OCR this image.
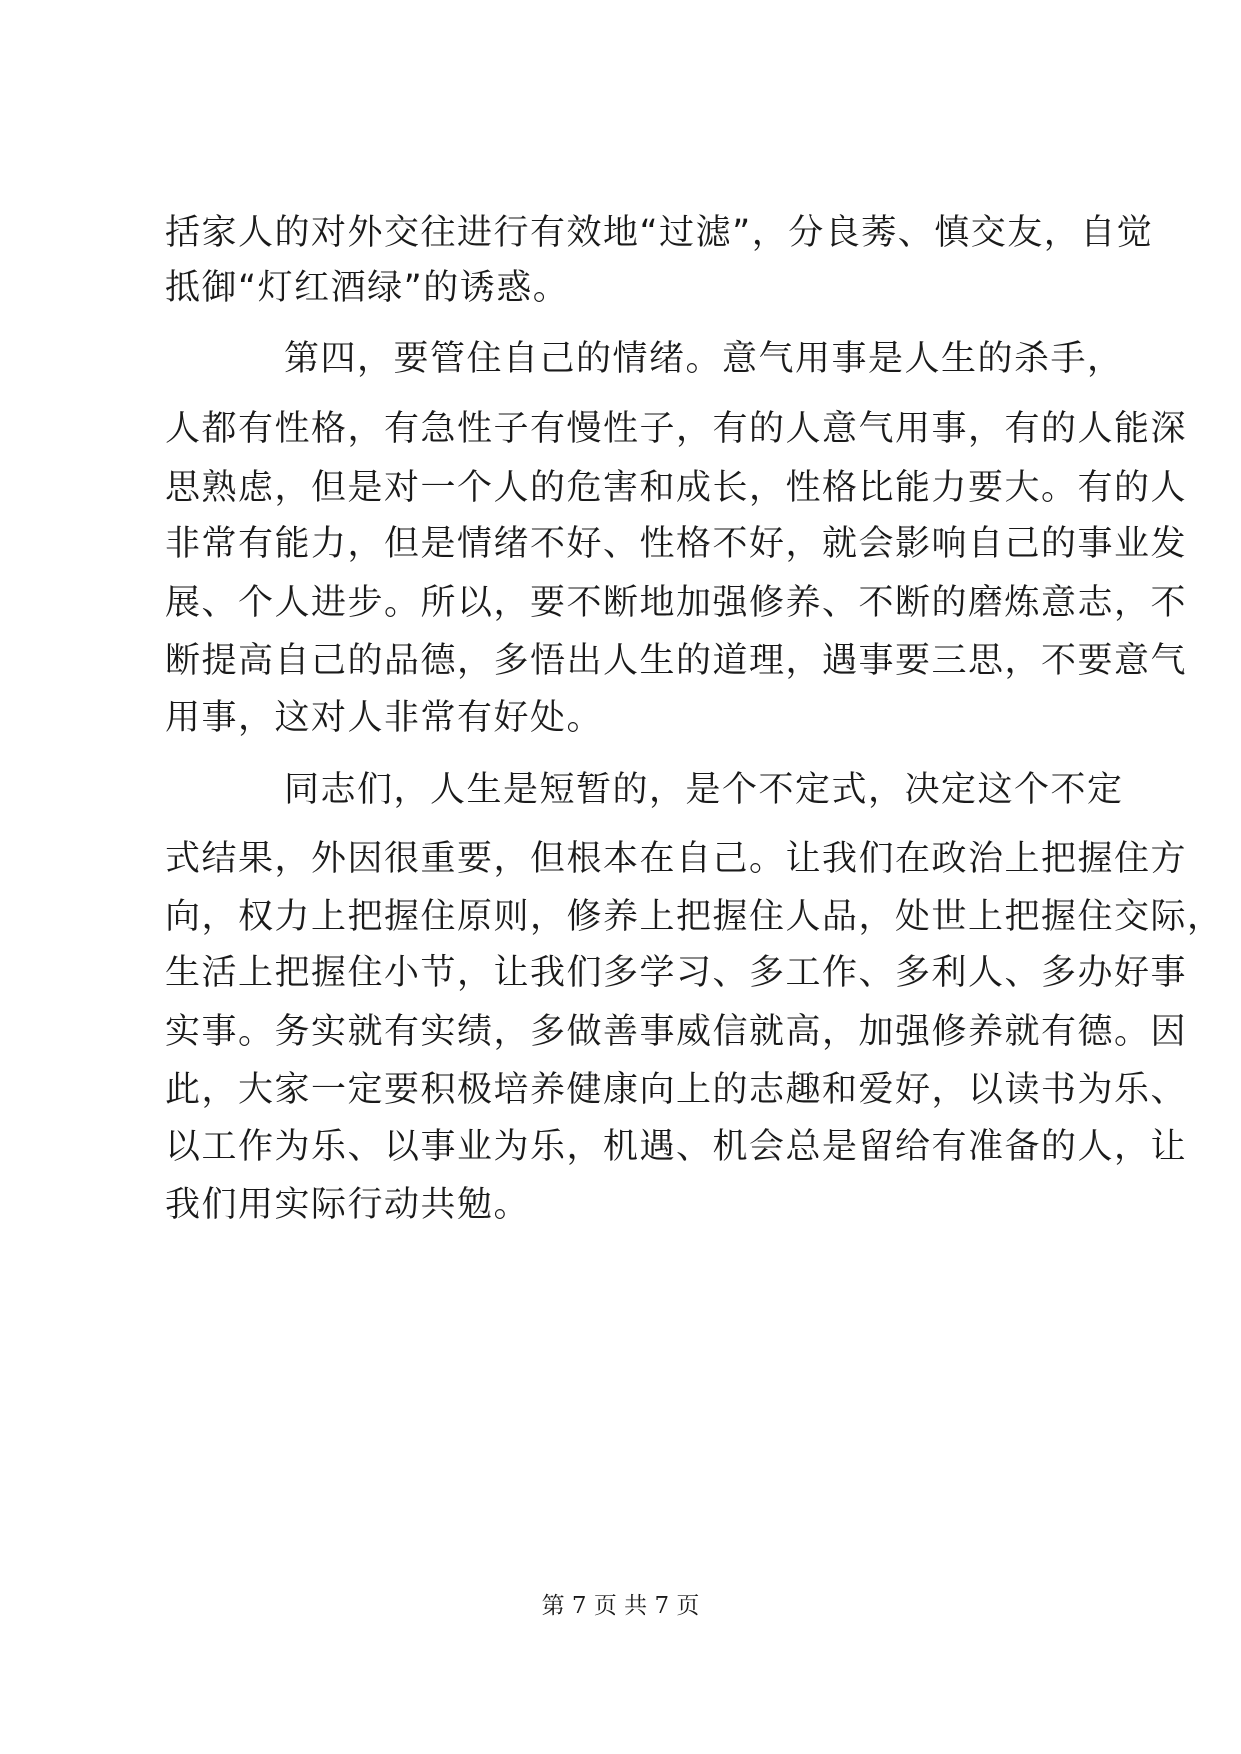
括家人的对外交往进行有效地“过滤”，分良莠、慎交友，自觉
抵御“灯红酒绿”的诱惑。
第四，要管住自己的情绪。意气用事是人生的杀手，
人都有性格，有急性子有慢性子，有的人意气用事，有的人能深
思熟虑，但是对一个人的危害和成长，性格比能力要大。有的人
非常有能力，但是情绪不好、性格不好，就会影响自己的事业发
展、个人进步。所以，要不断地加强修养、不断的磨炼意志，不
断提高自己的品德，多悟出人生的道理，遇事要三思，不要意气
用事，这对人非常有好处。
同志们，人生是短暂的，是个不定式，决定这个不定
式结果，外因很重要，但根本在自己。让我们在政治上把握住方
向，权力上把握住原则，修养上把握住人品，处世上把握住交际，
生活上把握住小节，让我们多学习、多工作、多利人、多办好事
实事。务实就有实绩，多做善事威信就高，加强修养就有德。因
此，大家一定要积极培养健康向上的志趣和爱好，以读书为乐、
以工作为乐、以事业为乐，机遇、机会总是留给有准备的人，让
我们用实际行动共勉。
第 7 页 共 7 页
